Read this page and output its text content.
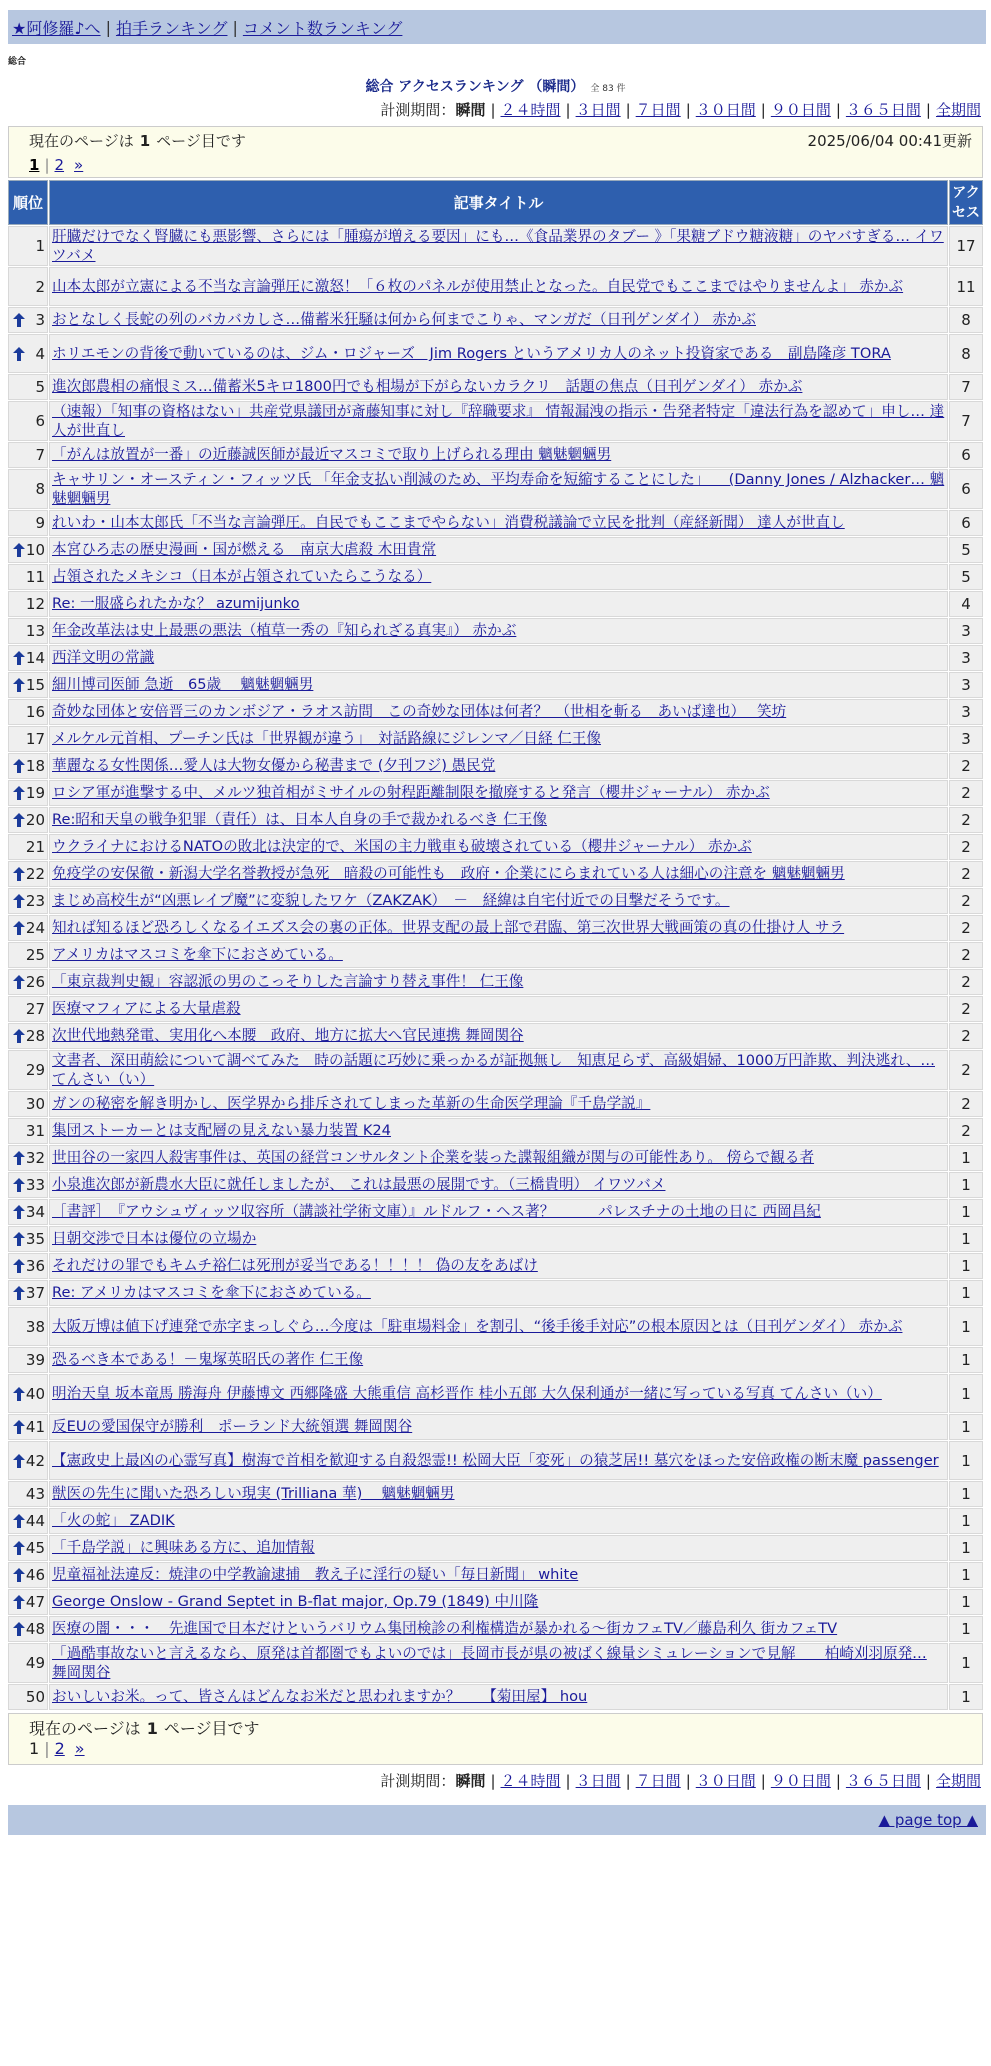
★阿修羅♪へ | 拍手ランキング | コメント数ランキング
総合
総合 アクセスランキング （瞬間） 全 83 件
計測期間：瞬間 | ２４時間 | ３日間 | ７日間 | ３０日間 | ９０日間 | ３６５日間 | 全期間
現在のページは 1 ページ目です	2025/06/04 00:41更新
1 | 2 »
順位	記事タイトル	アクセス
1	肝臓だけでなく腎臓にも悪影響、さらには「腫瘍が増える要因」にも…《食品業界のタブー 》「果糖ブドウ糖液糖」のヤバすぎる… イワツバメ	17
2	山本太郎が立憲による不当な言論弾圧に激怒！「６枚のパネルが使用禁止となった。自民党でもここまではやりませんよ」 赤かぶ	11

3	おとなしく長蛇の列のバカバカしさ…備蓄米狂騒は何から何までこりゃ、マンガだ（日刊ゲンダイ） 赤かぶ	8

4	ホリエモンの背後で動いているのは、ジム・ロジャーズ　Jim Rogers というアメリカ人のネット投資家である　副島隆彦 TORA	8
5	進次郎農相の痛恨ミス…備蓄米5キロ1800円でも相場が下がらないカラクリ　話題の焦点（日刊ゲンダイ） 赤かぶ	7
6	（速報）「知事の資格はない」共産党県議団が斎藤知事に対し『辞職要求』 情報漏洩の指示・告発者特定「違法行為を認めて」申し… 達人が世直し	7
7	「がんは放置が一番」の近藤誠医師が最近マスコミで取り上げられる理由 魑魅魍魎男	6
8	キャサリン・オースティン・フィッツ氏 「年金支払い削減のため、平均寿命を短縮することにした」 　(Danny Jones / Alzhacker… 魑魅魍魎男	6
9	れいわ・山本太郎氏「不当な言論弾圧。自民でもここまでやらない」消費税議論で立民を批判（産経新聞） 達人が世直し	6

10	本宮ひろ志の歴史漫画・国が燃える　南京大虐殺 木田貴常	5
11	占領されたメキシコ（日本が占領されていたらこうなる）	5
12	Re: 一服盛られたかな？ azumijunko	4
13	年金改革法は史上最悪の悪法（植草一秀の『知られざる真実』） 赤かぶ	3

14	西洋文明の常識	3

15	細川博司医師 急逝　65歳　 魑魅魍魎男	3
16	奇妙な団体と安倍晋三のカンボジア・ラオス訪問　この奇妙な団体は何者？　（世相を斬る　あいば達也）　 笑坊	3
17	メルケル元首相、プーチン氏は「世界観が違う」　対話路線にジレンマ／日経 仁王像	3

18	華麗なる女性関係…愛人は大物女優から秘書まで (夕刊フジ) 愚民党	2

19	ロシア軍が進撃する中、メルツ独首相がミサイルの射程距離制限を撤廃すると発言（櫻井ジャーナル） 赤かぶ	2

20	Re:昭和天皇の戦争犯罪（責任）は、日本人自身の手で裁かれるべき 仁王像	2
21	ウクライナにおけるNATOの敗北は決定的で、米国の主力戦車も破壊されている（櫻井ジャーナル） 赤かぶ	2

22	免疫学の安保徹・新潟大学名誉教授が急死　暗殺の可能性も　政府・企業ににらまれている人は細心の注意を 魑魅魍魎男	2

23	まじめ高校生が“凶悪レイプ魔”に変貌したワケ（ZAKZAK）　－　経緯は自宅付近での目撃だそうです。	2

24	知れば知るほど恐ろしくなるイエズス会の裏の正体。世界支配の最上部で君臨、第三次世界大戦画策の真の仕掛け人 サラ	2
25	アメリカはマスコミを傘下におさめている。	2

26	「東京裁判史観」容認派の男のこっそりした言論すり替え事件！ 仁王像	2
27	医療マフィアによる大量虐殺	2

28	次世代地熱発電、実用化へ本腰　政府、地方に拡大へ官民連携 舞岡関谷	2
29	文書者、深田萌絵について調べてみた　時の話題に巧妙に乗っかるが証拠無し　知恵足らず、高級娼婦、1000万円詐欺、判決逃れ、… てんさい（い）	2
30	ガンの秘密を解き明かし、医学界から排斥されてしまった革新の生命医学理論『千島学説』	2
31	集団ストーカーとは支配層の見えない暴力装置 K24	2

32	世田谷の一家四人殺害事件は、英国の経営コンサルタント企業を装った諜報組織が関与の可能性あり。 傍らで観る者	1

33	小泉進次郎が新農水大臣に就任しましたが、 これは最悪の展開です。（三橋貴明） イワツバメ	1

34	［書評］　『アウシュヴィッツ収容所（講談社学術文庫）』ルドルフ・ヘス著？　　　パレスチナの土地の日に 西岡昌紀	1

35	日朝交渉で日本は優位の立場か	1

36	それだけの罪でもキムチ裕仁は死刑が妥当である！！！！ 偽の友をあばけ	1

37	Re: アメリカはマスコミを傘下におさめている。	1
38	大阪万博は値下げ連発で赤字まっしぐら…今度は「駐車場料金」を割引、“後手後手対応”の根本原因とは（日刊ゲンダイ） 赤かぶ	1
39	恐るべき本である！－鬼塚英昭氏の著作 仁王像	1

40	明治天皇 坂本竜馬 勝海舟 伊藤博文 西郷隆盛 大熊重信 高杉晋作 桂小五郎 大久保利通が一緒に写っている写真 てんさい（い）	1

41	反EUの愛国保守が勝利　ポーランド大統領選 舞岡関谷	1

42	【憲政史上最凶の心霊写真】樹海で首相を歓迎する自殺怨霊!! 松岡大臣「変死」の猿芝居!! 墓穴をほった安倍政権の断末魔 passenger	1
43	獣医の先生に聞いた恐ろしい現実 (Trilliana 華)　 魑魅魍魎男	1

44	「火の蛇」 ZADIK	1

45	「千島学説」に興味ある方に、追加情報	1

46	児童福祉法違反：焼津の中学教諭逮捕　教え子に淫行の疑い「毎日新聞」 white	1

47	George Onslow - Grand Septet in B-flat major, Op.79 (1849) 中川隆	1

48	医療の闇・・・　先進国で日本だけというバリウム集団検診の利権構造が暴かれる～街カフェTV／藤島利久 街カフェTV	1
49	「過酷事故ないと言えるなら、原発は首都圏でもよいのでは」長岡市長が県の被ばく線量シミュレーションで見解　　柏崎刈羽原発… 舞岡関谷	1
50	おいしいお米。って、皆さんはどんなお米だと思われますか？　　【菊田屋】 hou	1
現在のページは 1 ページ目です
1 | 2 »
計測期間：瞬間 | ２４時間 | ３日間 | ７日間 | ３０日間 | ９０日間 | ３６５日間 | 全期間
▲ page top ▲
